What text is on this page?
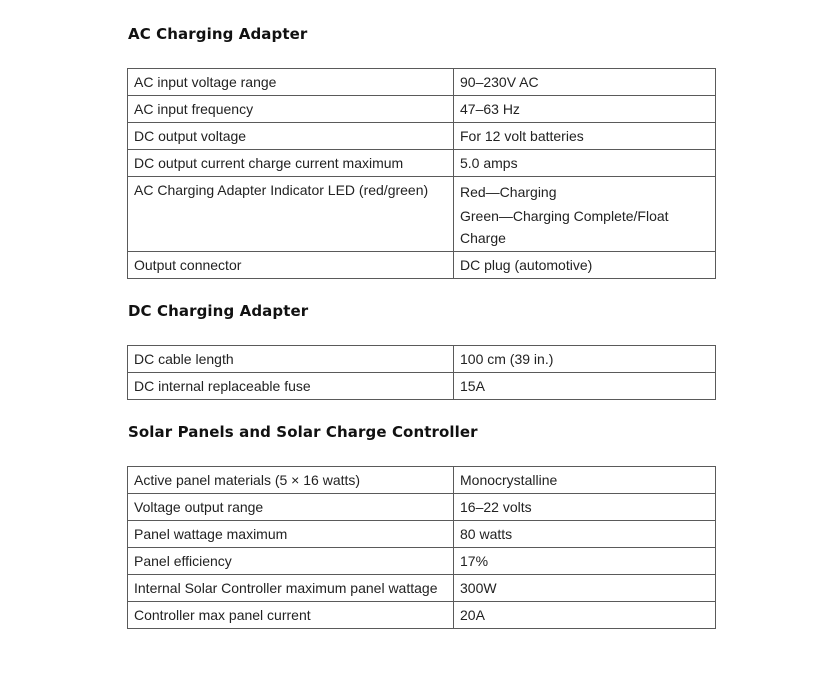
AC Charging Adapter
AC input voltage range	90–230V AC
AC input frequency	47–63 Hz
DC output voltage	For 12 volt batteries
DC output current charge current maximum	5.0 amps
AC Charging Adapter Indicator LED (red/green)	Red—Charging
Green—Charging Complete/Float
Charge

Output connector	DC plug (automotive)
DC Charging Adapter
DC cable length	100 cm (39 in.)
DC internal replaceable fuse	15A
Solar Panels and Solar Charge Controller
Active panel materials (5 × 16 watts)	Monocrystalline
Voltage output range	16–22 volts
Panel wattage maximum	80 watts
Panel efficiency	17%
Internal Solar Controller maximum panel wattage	300W
Controller max panel current	20A
